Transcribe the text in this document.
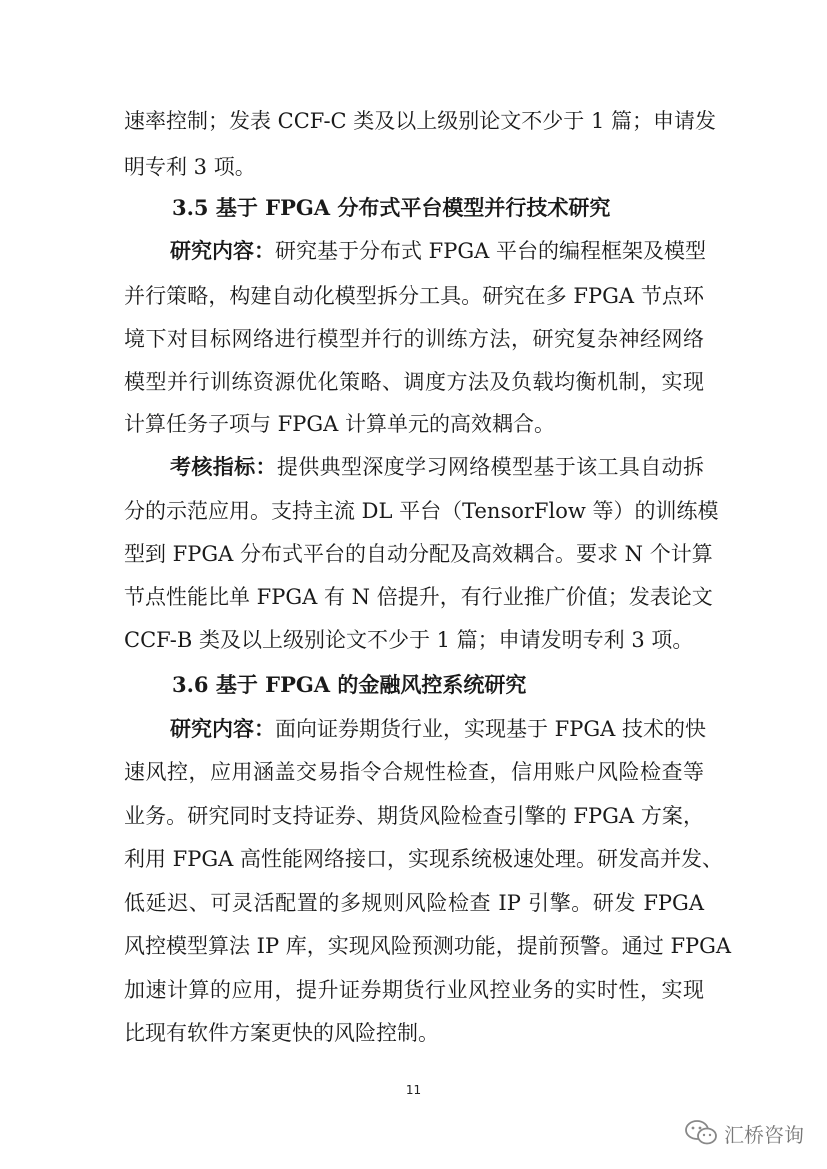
速率控制；发表 CCF-C 类及以上级别论文不少于 1 篇；申请发
明专利 3 项。
3.5 基于 FPGA 分布式平台模型并行技术研究
研究内容：研究基于分布式 FPGA 平台的编程框架及模型
并行策略，构建自动化模型拆分工具。研究在多 FPGA 节点环
境下对目标网络进行模型并行的训练方法，研究复杂神经网络
模型并行训练资源优化策略、调度方法及负载均衡机制，实现
计算任务子项与 FPGA 计算单元的高效耦合。
考核指标：提供典型深度学习网络模型基于该工具自动拆
分的示范应用。支持主流 DL 平台（TensorFlow 等）的训练模
型到 FPGA 分布式平台的自动分配及高效耦合。要求 N 个计算
节点性能比单 FPGA 有 N 倍提升，有行业推广价值；发表论文
CCF-B 类及以上级别论文不少于 1 篇；申请发明专利 3 项。
3.6 基于 FPGA 的金融风控系统研究
研究内容：面向证券期货行业，实现基于 FPGA 技术的快
速风控，应用涵盖交易指令合规性检查，信用账户风险检查等
业务。研究同时支持证券、期货风险检查引擎的 FPGA 方案，
利用 FPGA 高性能网络接口，实现系统极速处理。研发高并发、
低延迟、可灵活配置的多规则风险检查 IP 引擎。研发 FPGA
风控模型算法 IP 库，实现风险预测功能，提前预警。通过 FPGA
加速计算的应用，提升证券期货行业风控业务的实时性，实现
比现有软件方案更快的风险控制。
11
汇桥咨询
